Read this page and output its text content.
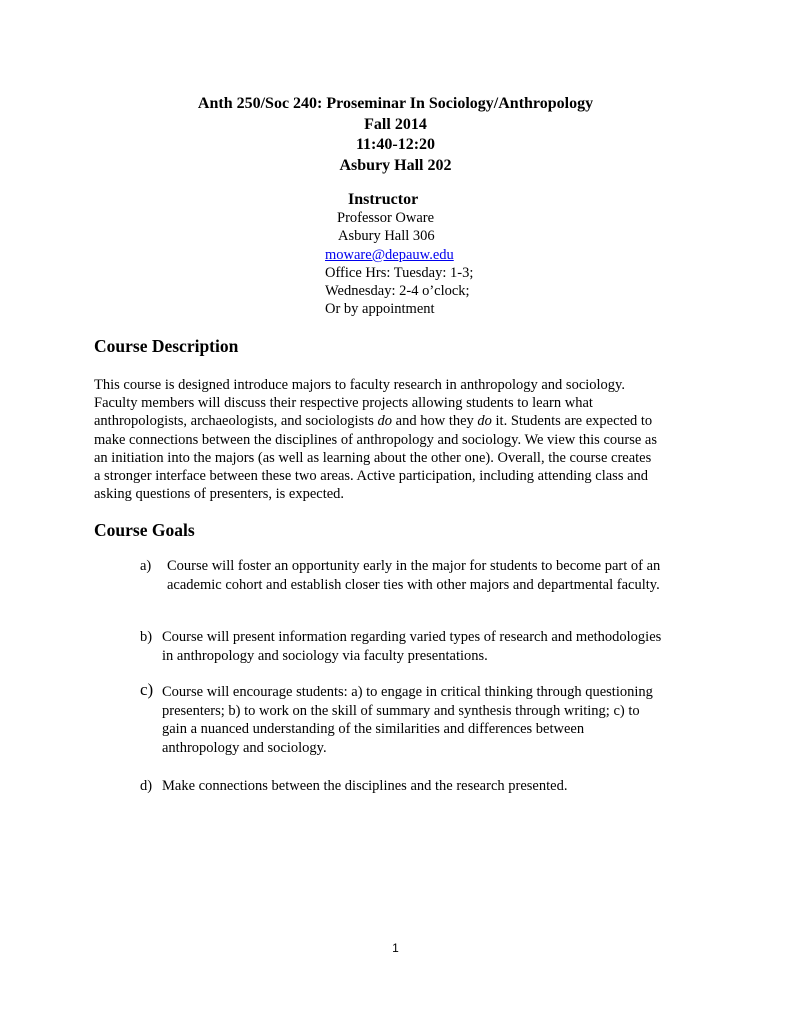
Anth 250/Soc 240: Proseminar In Sociology/Anthropology
Fall 2014
11:40-12:20
Asbury Hall 202
Instructor
Professor Oware
Asbury Hall 306
moware@depauw.edu
Office Hrs: Tuesday: 1-3;
Wednesday: 2-4 o’clock;
Or by appointment
Course Description
This course is designed introduce majors to faculty research in anthropology and sociology.
Faculty members will discuss their respective projects allowing students to learn what
anthropologists, archaeologists, and sociologists do and how they do it. Students are expected to
make connections between the disciplines of anthropology and sociology. We view this course as
an initiation into the majors (as well as learning about the other one). Overall, the course creates
a stronger interface between these two areas. Active participation, including attending class and
asking questions of presenters, is expected.
Course Goals
a) Course will foster an opportunity early in the major for students to become part of an
academic cohort and establish closer ties with other majors and departmental faculty.
b) Course will present information regarding varied types of research and methodologies
in anthropology and sociology via faculty presentations.
c) Course will encourage students: a) to engage in critical thinking through questioning
presenters; b) to work on the skill of summary and synthesis through writing; c) to
gain a nuanced understanding of the similarities and differences between
anthropology and sociology.
d) Make connections between the disciplines and the research presented.
1
